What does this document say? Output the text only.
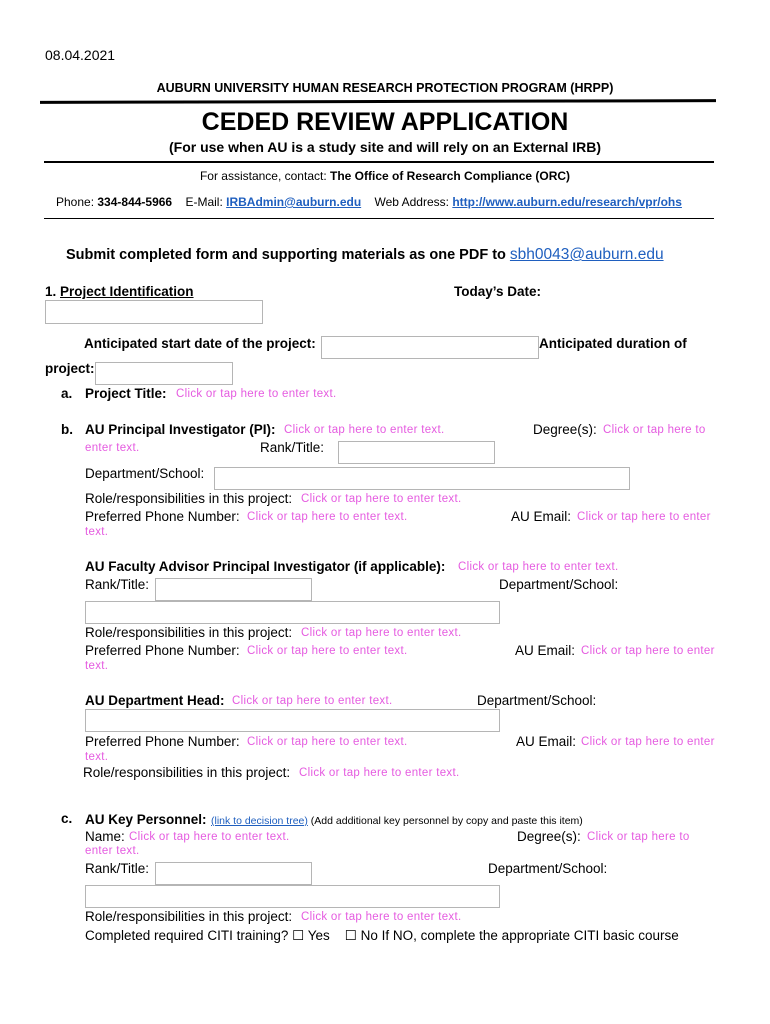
08.04.2021
AUBURN UNIVERSITY HUMAN RESEARCH PROTECTION PROGRAM (HRPP)
CEDED REVIEW APPLICATION
(For use when AU is a study site and will rely on an External IRB)
For assistance, contact: The Office of Research Compliance (ORC)
Phone: 334-844-5966 E-Mail: IRBAdmin@auburn.edu Web Address: http://www.auburn.edu/research/vpr/ohs
Submit completed form and supporting materials as one PDF to sbh0043@auburn.edu
1. Project Identification	Today’s Date:
Anticipated start date of the project:	Anticipated duration of
project:
a. Project Title: Click or tap here to enter text.
b. AU Principal Investigator (PI): Click or tap here to enter text.	Degree(s): Click or tap here to
enter text.	Rank/Title:
Department/School:
Role/responsibilities in this project: Click or tap here to enter text.
Preferred Phone Number: Click or tap here to enter text.	AU Email: Click or tap here to enter
text.
AU Faculty Advisor Principal Investigator (if applicable): Click or tap here to enter text.
Rank/Title:	Department/School:
Role/responsibilities in this project: Click or tap here to enter text.
Preferred Phone Number: Click or tap here to enter text.	AU Email: Click or tap here to enter
text.
AU Department Head: Click or tap here to enter text.	Department/School:
Preferred Phone Number: Click or tap here to enter text.	AU Email: Click or tap here to enter
text.
Role/responsibilities in this project: Click or tap here to enter text.
c. AU Key Personnel: (link to decision tree) (Add additional key personnel by copy and paste this item)
Name: Click or tap here to enter text.	Degree(s): Click or tap here to
enter text.
Rank/Title:	Department/School:
Role/responsibilities in this project: Click or tap here to enter text.
Completed required CITI training? ☐ Yes ☐ No If NO, complete the appropriate CITI basic course
